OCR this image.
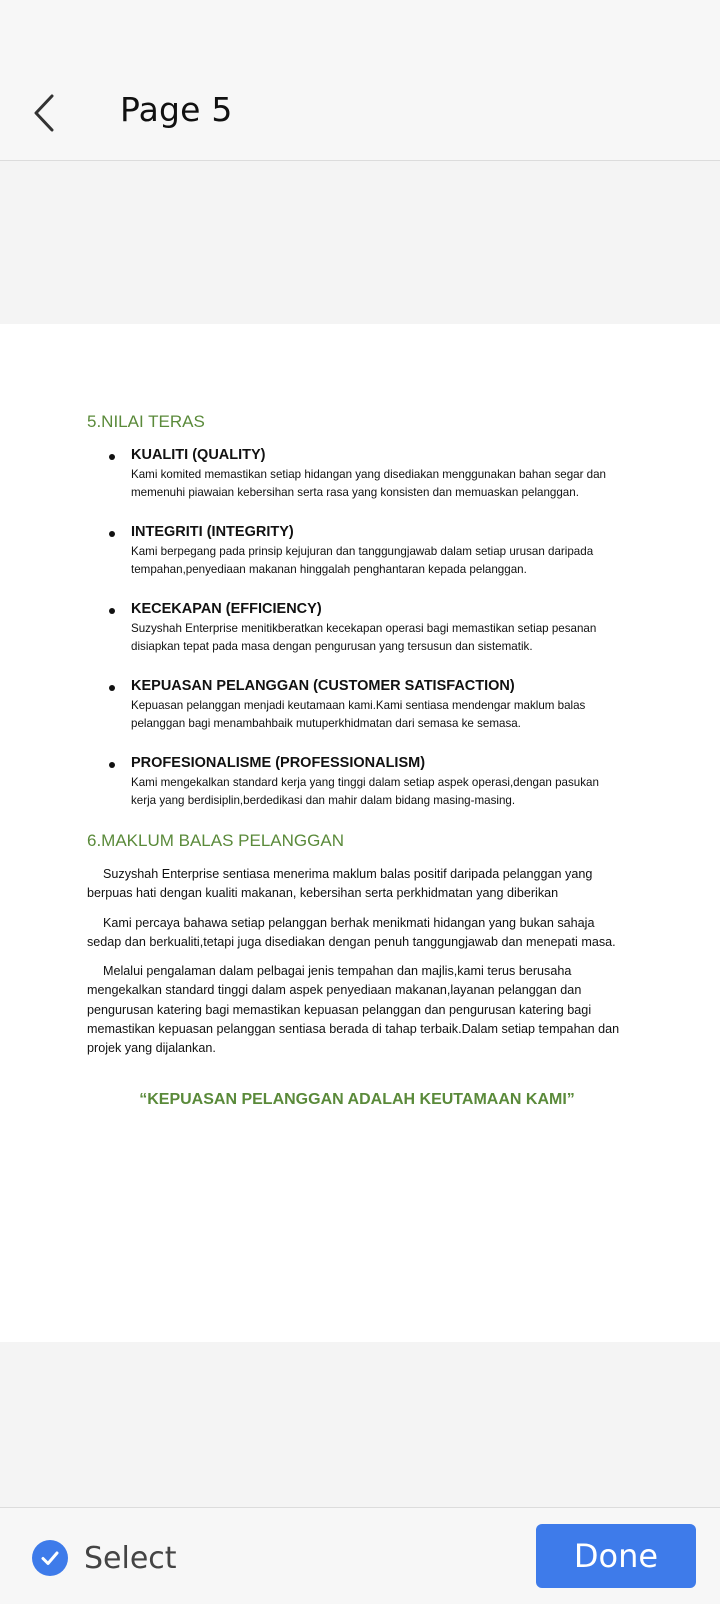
Page 5
5.NILAI TERAS
KUALITI (QUALITY)
Kami komited memastikan setiap hidangan yang disediakan menggunakan bahan segar dan memenuhi piawaian kebersihan serta rasa yang konsisten dan memuaskan pelanggan.
INTEGRITI (INTEGRITY)
Kami berpegang pada prinsip kejujuran dan tanggungjawab dalam setiap urusan daripada tempahan,penyediaan makanan hinggalah penghantaran kepada pelanggan.
KECEKAPAN (EFFICIENCY)
Suzyshah Enterprise menitikberatkan kecekapan operasi bagi memastikan setiap pesanan disiapkan tepat pada masa dengan pengurusan yang tersusun dan sistematik.
KEPUASAN PELANGGAN (CUSTOMER SATISFACTION)
Kepuasan pelanggan menjadi keutamaan kami.Kami sentiasa mendengar maklum balas pelanggan bagi menambahbaik mutuperkhidmatan dari semasa ke semasa.
PROFESIONALISME (PROFESSIONALISM)
Kami mengekalkan standard kerja yang tinggi dalam setiap aspek operasi,dengan pasukan kerja yang berdisiplin,berdedikasi dan mahir dalam bidang masing-masing.
6.MAKLUM BALAS PELANGGAN

Suzyshah Enterprise sentiasa menerima maklum balas positif daripada pelanggan yang berpuas hati dengan kualiti makanan, kebersihan serta perkhidmatan yang diberikan

Kami percaya bahawa setiap pelanggan berhak menikmati hidangan yang bukan sahaja sedap dan berkualiti,tetapi juga disediakan dengan penuh tanggungjawab dan menepati masa.

Melalui pengalaman dalam pelbagai jenis tempahan dan majlis,kami terus berusaha mengekalkan standard tinggi dalam aspek penyediaan makanan,layanan pelanggan dan pengurusan katering bagi memastikan kepuasan pelanggan dan pengurusan katering bagi memastikan kepuasan pelanggan sentiasa berada di tahap terbaik.Dalam setiap tempahan dan projek yang dijalankan.

“KEPUASAN PELANGGAN ADALAH KEUTAMAAN KAMI”
Select	Done
